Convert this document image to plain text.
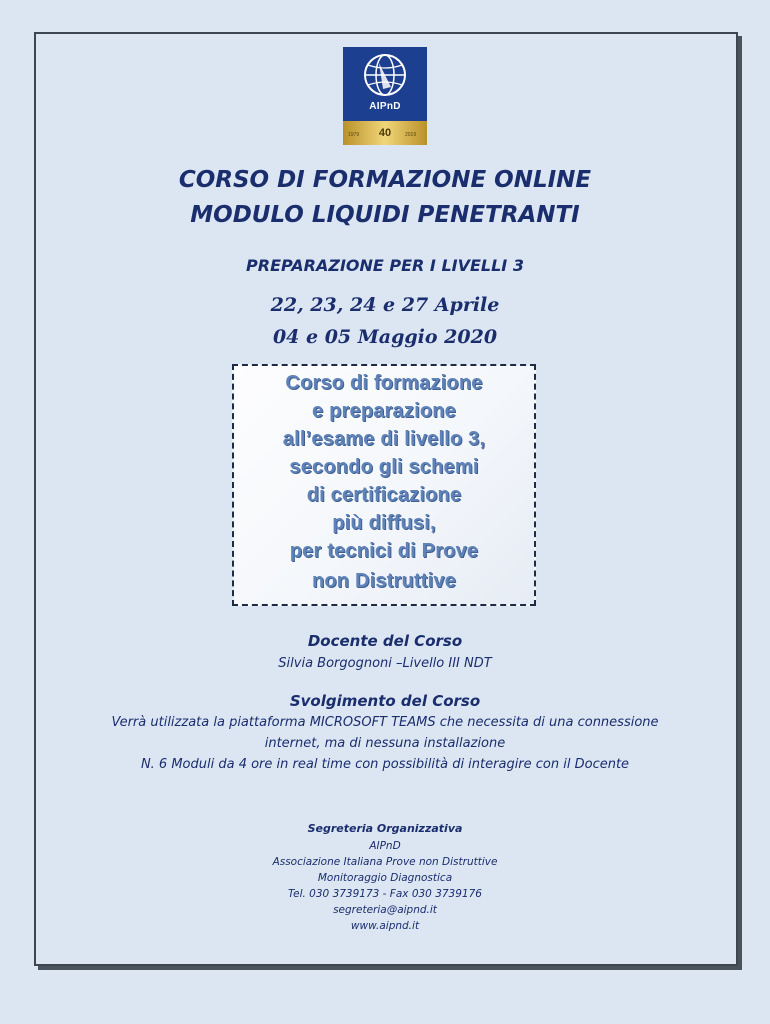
AIPnD
1979	40	2019
CORSO DI FORMAZIONE ONLINE
MODULO LIQUIDI PENETRANTI
PREPARAZIONE PER I LIVELLI 3
22, 23, 24 e 27 Aprile
04 e 05 Maggio 2020
Corso di formazione
e preparazione
all’esame di livello 3,
secondo gli schemi
di certificazione
più diffusi,
per tecnici di Prove
non Distruttive
Docente del Corso
Silvia Borgognoni –Livello III NDT
Svolgimento del Corso
Verrà utilizzata la piattaforma MICROSOFT TEAMS che necessita di una connessione
internet, ma di nessuna installazione
N. 6 Moduli da 4 ore in real time con possibilità di interagire con il Docente
Segreteria Organizzativa
AIPnD
Associazione Italiana Prove non Distruttive
Monitoraggio Diagnostica
Tel. 030 3739173 - Fax 030 3739176
segreteria@aipnd.it
www.aipnd.it
